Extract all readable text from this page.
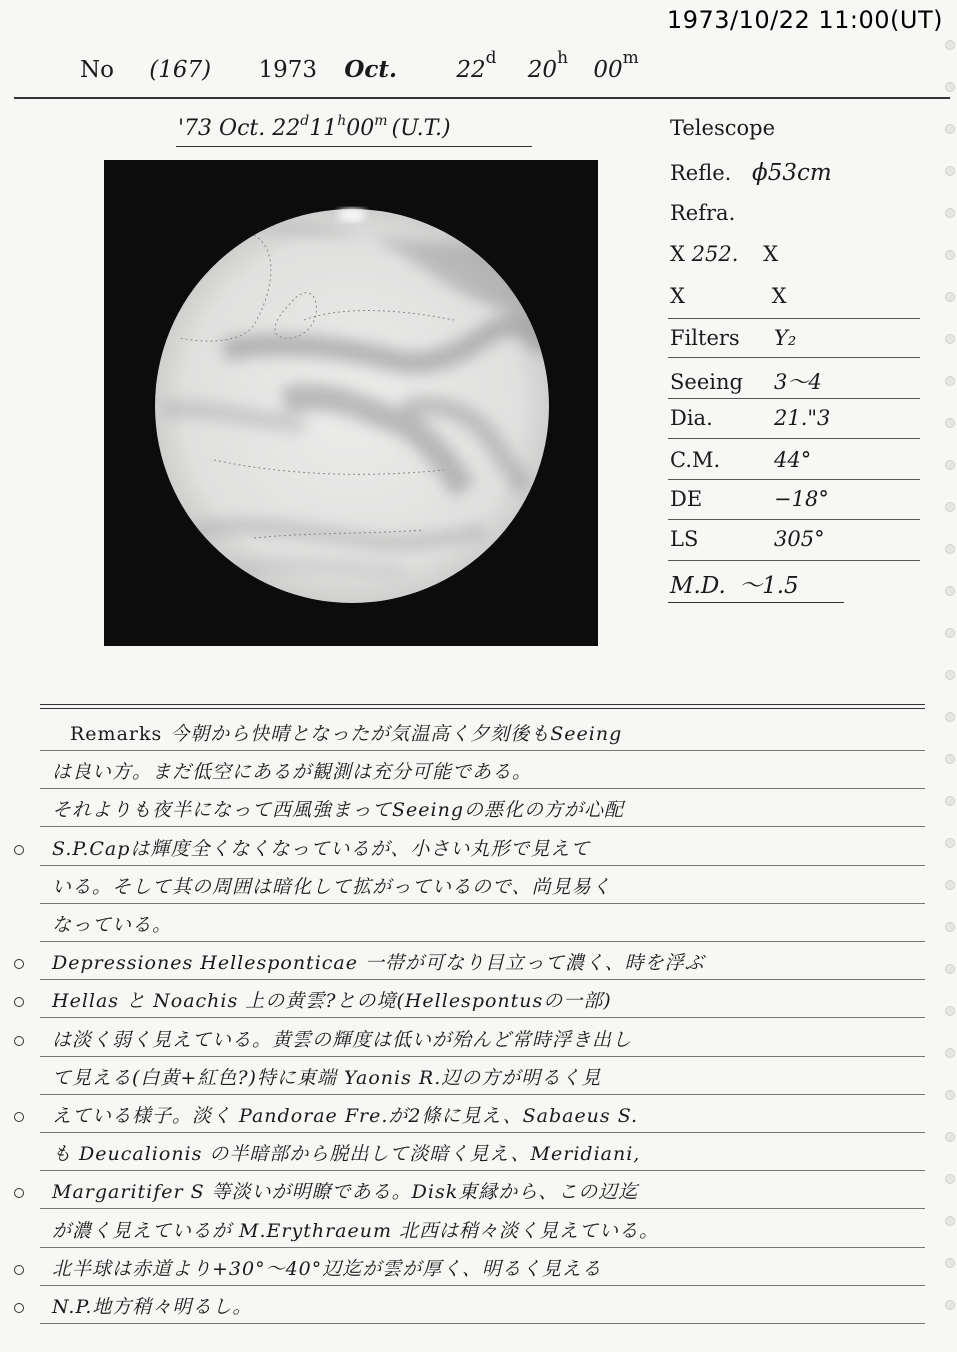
1973/10/22 11:00(UT)
No (167) 1973 Oct.	22$^d$ 20$^h$ 00$^m$
'73 Oct. 22$^d$11$^h$00$^m$ (U.T.)	Telescope
Refle. ϕ53cm
Refra.
X 252. X
X	X
Filters Y₂
Seeing 3〜4
Dia.	21."3
C.M.	44°
DE	−18°
LS	305°
M.D. 〜1.5
Remarks 今朝から快晴となったが気温高く夕刻後もSeeing
は良い方。まだ低空にあるが観測は充分可能である。
それよりも夜半になって西風強まってSeeingの悪化の方が心配
S.P.Capは輝度全くなくなっているが、小さい丸形で見えて
いる。そして其の周囲は暗化して拡がっているので、尚見易く
なっている。
Depressiones Hellesponticae 一帯が可なり目立って濃く、時を浮ぶ
Hellas と Noachis 上の黄雲?との境(Hellespontusの一部)
は淡く弱く見えている。黄雲の輝度は低いが殆んど常時浮き出し
て見える(白黄+紅色?)特に東端 Yaonis R.辺の方が明るく見
えている様子。淡く Pandorae Fre.が2條に見え、Sabaeus S.
も Deucalionis の半暗部から脱出して淡暗く見え、Meridiani,
Margaritifer S 等淡いが明瞭である。Disk東縁から、この辺迄
が濃く見えているが M.Erythraeum 北西は稍々淡く見えている。
北半球は赤道より+30°〜40°辺迄が雲が厚く、明るく見える
N.P.地方稍々明るし。
